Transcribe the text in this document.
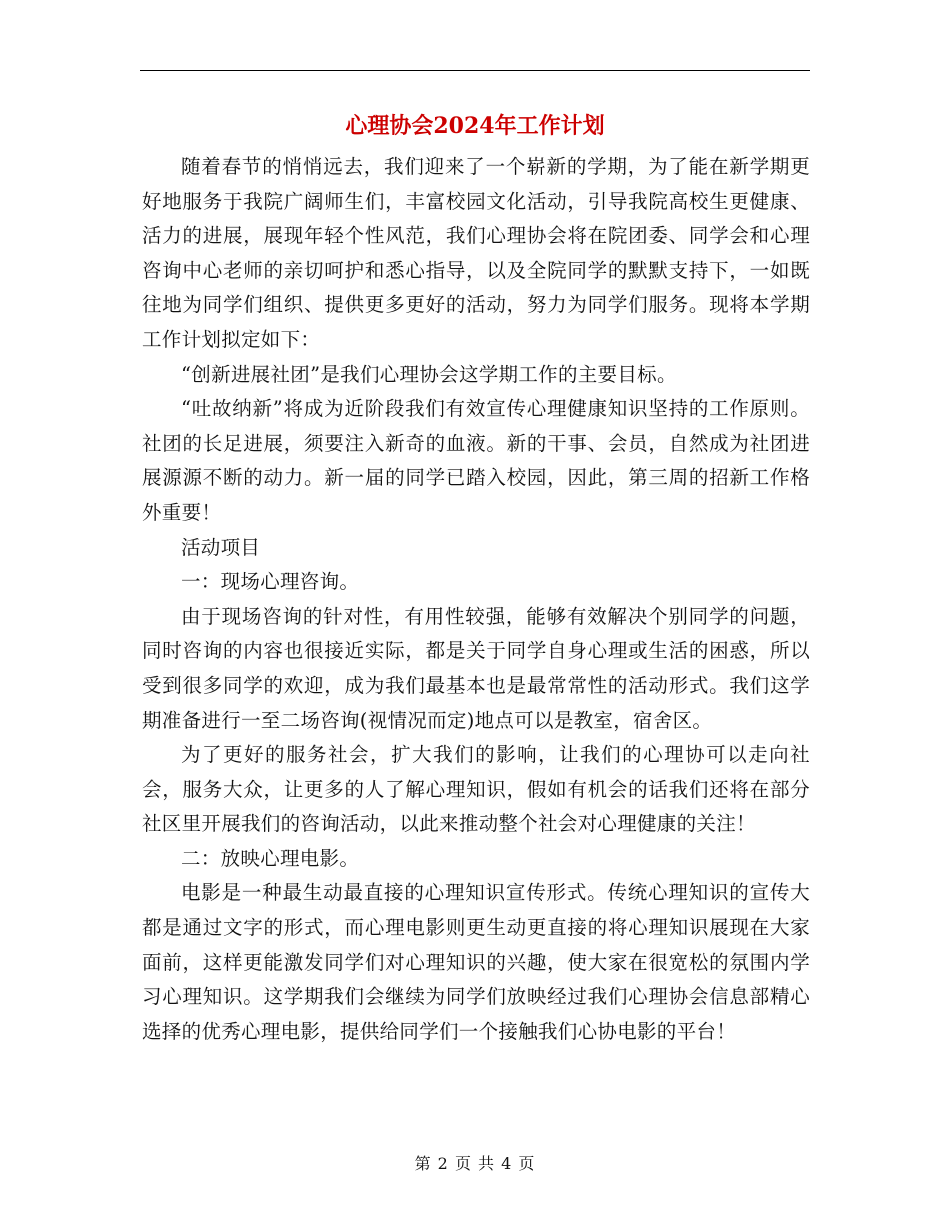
心理协会2024年工作计划

随着春节的悄悄远去，我们迎来了一个崭新的学期，为了能在新学期更好地服务于我院广阔师生们，丰富校园文化活动，引导我院高校生更健康、活力的进展，展现年轻个性风范，我们心理协会将在院团委、同学会和心理咨询中心老师的亲切呵护和悉心指导，以及全院同学的默默支持下，一如既往地为同学们组织、提供更多更好的活动，努力为同学们服务。现将本学期工作计划拟定如下：

“创新进展社团”是我们心理协会这学期工作的主要目标。

“吐故纳新”将成为近阶段我们有效宣传心理健康知识坚持的工作原则。社团的长足进展，须要注入新奇的血液。新的干事、会员，自然成为社团进展源源不断的动力。新一届的同学已踏入校园，因此，第三周的招新工作格外重要！

活动项目

一：现场心理咨询。

由于现场咨询的针对性，有用性较强，能够有效解决个别同学的问题，同时咨询的内容也很接近实际，都是关于同学自身心理或生活的困惑，所以受到很多同学的欢迎，成为我们最基本也是最常常性的活动形式。我们这学期准备进行一至二场咨询(视情况而定)地点可以是教室，宿舍区。

为了更好的服务社会，扩大我们的影响，让我们的心理协可以走向社会，服务大众，让更多的人了解心理知识，假如有机会的话我们还将在部分社区里开展我们的咨询活动，以此来推动整个社会对心理健康的关注！

二：放映心理电影。

电影是一种最生动最直接的心理知识宣传形式。传统心理知识的宣传大都是通过文字的形式，而心理电影则更生动更直接的将心理知识展现在大家面前，这样更能激发同学们对心理知识的兴趣，使大家在很宽松的氛围内学习心理知识。这学期我们会继续为同学们放映经过我们心理协会信息部精心选择的优秀心理电影，提供给同学们一个接触我们心协电影的平台！

第 2 页 共 4 页
